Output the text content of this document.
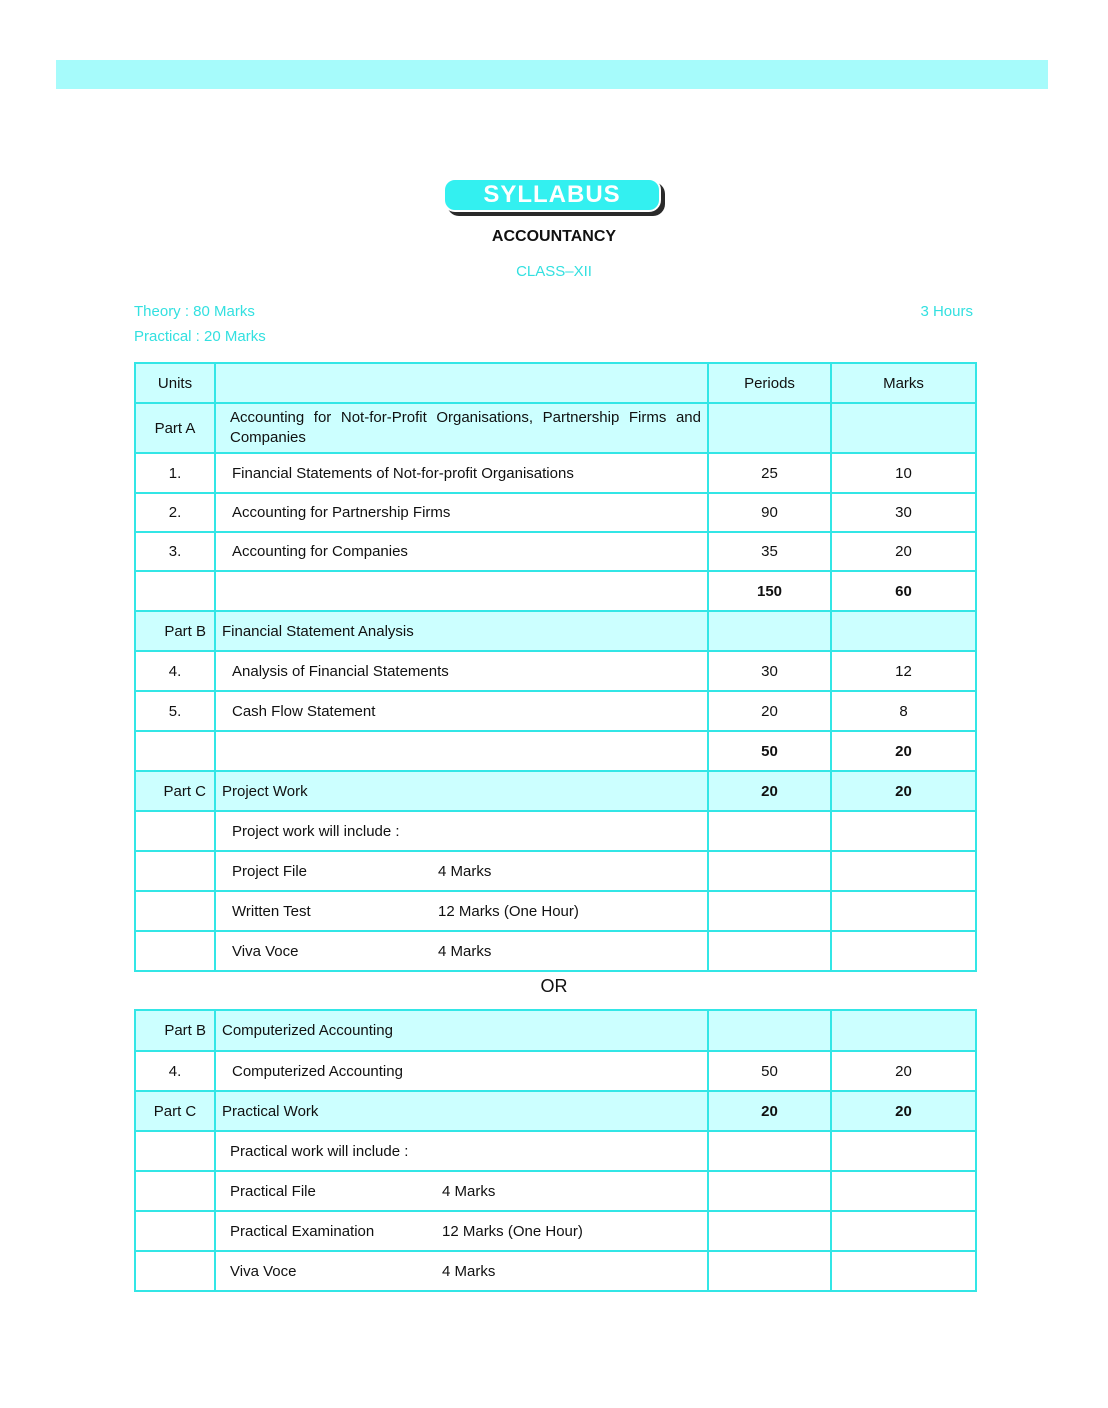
SYLLABUS
ACCOUNTANCY
CLASS–XII
Theory : 80 Marks
Practical : 20 Marks
3 Hours
Units		Periods	Marks
Part A	Accounting for Not-for-Profit Organisations, Partnership Firms and Companies		
1.	Financial Statements of Not-for-profit Organisations	25	10
2.	Accounting for Partnership Firms	90	30
3.	Accounting for Companies	35	20
		150	60
Part B	Financial Statement Analysis		
4.	Analysis of Financial Statements	30	12
5.	Cash Flow Statement	20	8
		50	20
Part C	Project Work	20	20
	Project work will include :		
	Project File 4 Marks		
	Written Test 12 Marks (One Hour)		
	Viva Voce 4 Marks		
OR
Part B	Computerized Accounting		
4.	Computerized Accounting	50	20
Part C	Practical Work	20	20
	Practical work will include :		
	Practical File 4 Marks		
	Practical Examination 12 Marks (One Hour)		
	Viva Voce 4 Marks		
